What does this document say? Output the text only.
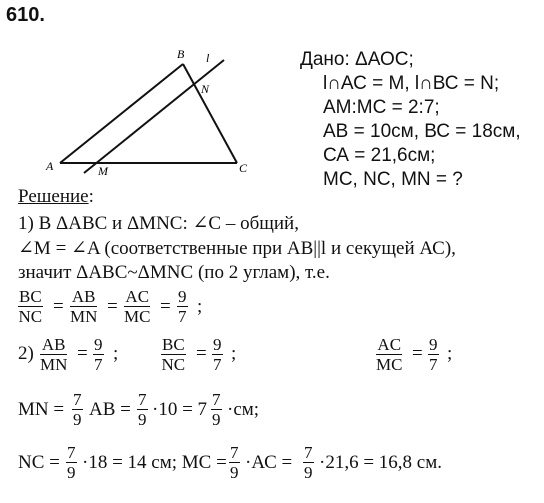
610.
A
B
C
M
N
l	Дано: ΔАОС;
l∩АС = М, l∩ВС = N;
АМ:МС = 2:7;
АВ = 10см, ВС = 18см,
СА = 21,6см;
МС, NC, MN = ?
Решение:
1) В ΔАВС и ΔMNC: ∠С – общий,
∠M = ∠A (соответственные при AB||l и секущей АС),
значит ΔАВС~ΔMNC (по 2 углам), т.е.
$\frac{BC}{NC} = \frac{AB}{MN} = \frac{AC}{MC} = \frac{9}{7}$ ;
$2) \frac{AB}{MN} = \frac{9}{7}$ ;	$\frac{BC}{NC} = \frac{9}{7}$ ;	$\frac{AC}{MC} = \frac{9}{7}$ ;
MN = $\frac{7}{9}$ AB = $\frac{7}{9} \cdot 10 = 7 \frac{7}{9} \cdot см$;
NC = $\frac{7}{9} \cdot 18 = 14$ см; МС = $\frac{7}{9} \cdot АС = \frac{7}{9} \cdot 21,6 = 16,8$ см.
